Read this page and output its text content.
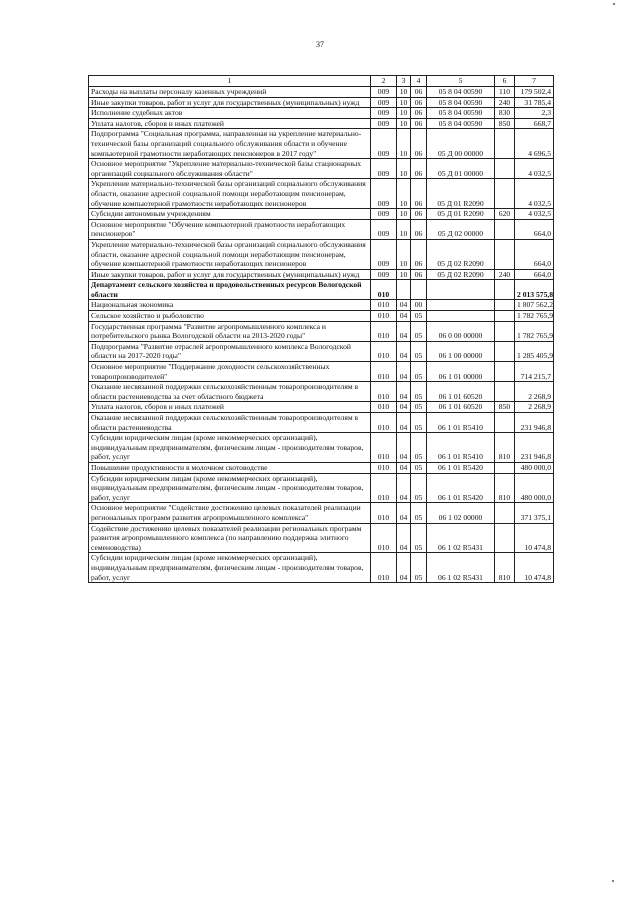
37
1	2	3	4	5	6	7
Расходы на выплаты персоналу казенных учреждений	009	10	06	05 8 04 00590	110	179 502,4
Иные закупки товаров, работ и услуг для государственных (муниципальных) нужд	009	10	06	05 8 04 00590	240	31 785,4
Исполнение судебных актов	009	10	06	05 8 04 00590	830	2,3
Уплата налогов, сборов и иных платежей	009	10	06	05 8 04 00590	850	668,7
Подпрограмма "Социальная программа, направленная на укрепление материально-технической базы организаций социального обслуживания области и обучение компьютерной грамотности неработающих пенсионеров в 2017 году"	009	10	06	05 Д 00 00000		4 696,5
Основное мероприятие "Укрепление материально-технической базы стационарных организаций социального обслуживания области"	009	10	06	05 Д 01 00000		4 032,5
Укрепление материально-технической базы организаций социального обслуживания области, оказание адресной социальной помощи неработающим пенсионерам, обучение компьютерной грамотности неработающих пенсионеров	009	10	06	05 Д 01 R2090		4 032,5
Субсидии автономным учреждениям	009	10	06	05 Д 01 R2090	620	4 032,5
Основное мероприятие "Обучение компьютерной грамотности неработающих пенсионеров"	009	10	06	05 Д 02 00000		664,0
Укрепление материально-технической базы организаций социального обслуживания области, оказание адресной социальной помощи неработающим пенсионерам, обучение компьютерной грамотности неработающих пенсионеров	009	10	06	05 Д 02 R2090		664,0
Иные закупки товаров, работ и услуг для государственных (муниципальных) нужд	009	10	06	05 Д 02 R2090	240	664,0
Департамент сельского хозяйства и продовольственных ресурсов Вологодской области	010					2 013 575,8
Национальная экономика	010	04	00			1 807 562,2
Сельское хозяйство и рыболовство	010	04	05			1 782 765,9
Государственная программа "Развитие агропромышленного комплекса и потребительского рынка Вологодской области на 2013-2020 годы"	010	04	05	06 0 00 00000		1 782 765,9
Подпрограмма "Развитие отраслей агропромышленного комплекса Вологодской области на 2017-2020 годы"	010	04	05	06 1 00 00000		1 285 405,9
Основное мероприятие "Поддержание доходности сельскохозяйственных товаропроизводителей"	010	04	05	06 1 01 00000		714 215,7
Оказание несвязанной поддержки сельскохозяйственным товаропроизводителям в области растениеводства за счет областного бюджета	010	04	05	06 1 01 60520		2 268,9
Уплата налогов, сборов и иных платежей	010	04	05	06 1 01 60520	850	2 268,9
Оказание несвязанной поддержки сельскохозяйственным товаропроизводителям в области растениеводства	010	04	05	06 1 01 R5410		231 946,8
Субсидии юридическим лицам (кроме некоммерческих организаций), индивидуальным предпринимателям, физическим лицам - производителям товаров, работ, услуг	010	04	05	06 1 01 R5410	810	231 946,8
Повышение продуктивности в молочном скотоводстве	010	04	05	06 1 01 R5420		480 000,0
Субсидии юридическим лицам (кроме некоммерческих организаций), индивидуальным предпринимателям, физическим лицам - производителям товаров, работ, услуг	010	04	05	06 1 01 R5420	810	480 000,0
Основное мероприятие "Содействие достижению целевых показателей реализации региональных программ развития агропромышленного комплекса"	010	04	05	06 1 02 00000		371 375,1
Содействие достижению целевых показателей реализации региональных программ развития агропромышленного комплекса (по направлению поддержка элитного семеноводства)	010	04	05	06 1 02 R5431		10 474,8
Субсидии юридическим лицам (кроме некоммерческих организаций), индивидуальным предпринимателям, физическим лицам - производителям товаров, работ, услуг	010	04	05	06 1 02 R5431	810	10 474,8
